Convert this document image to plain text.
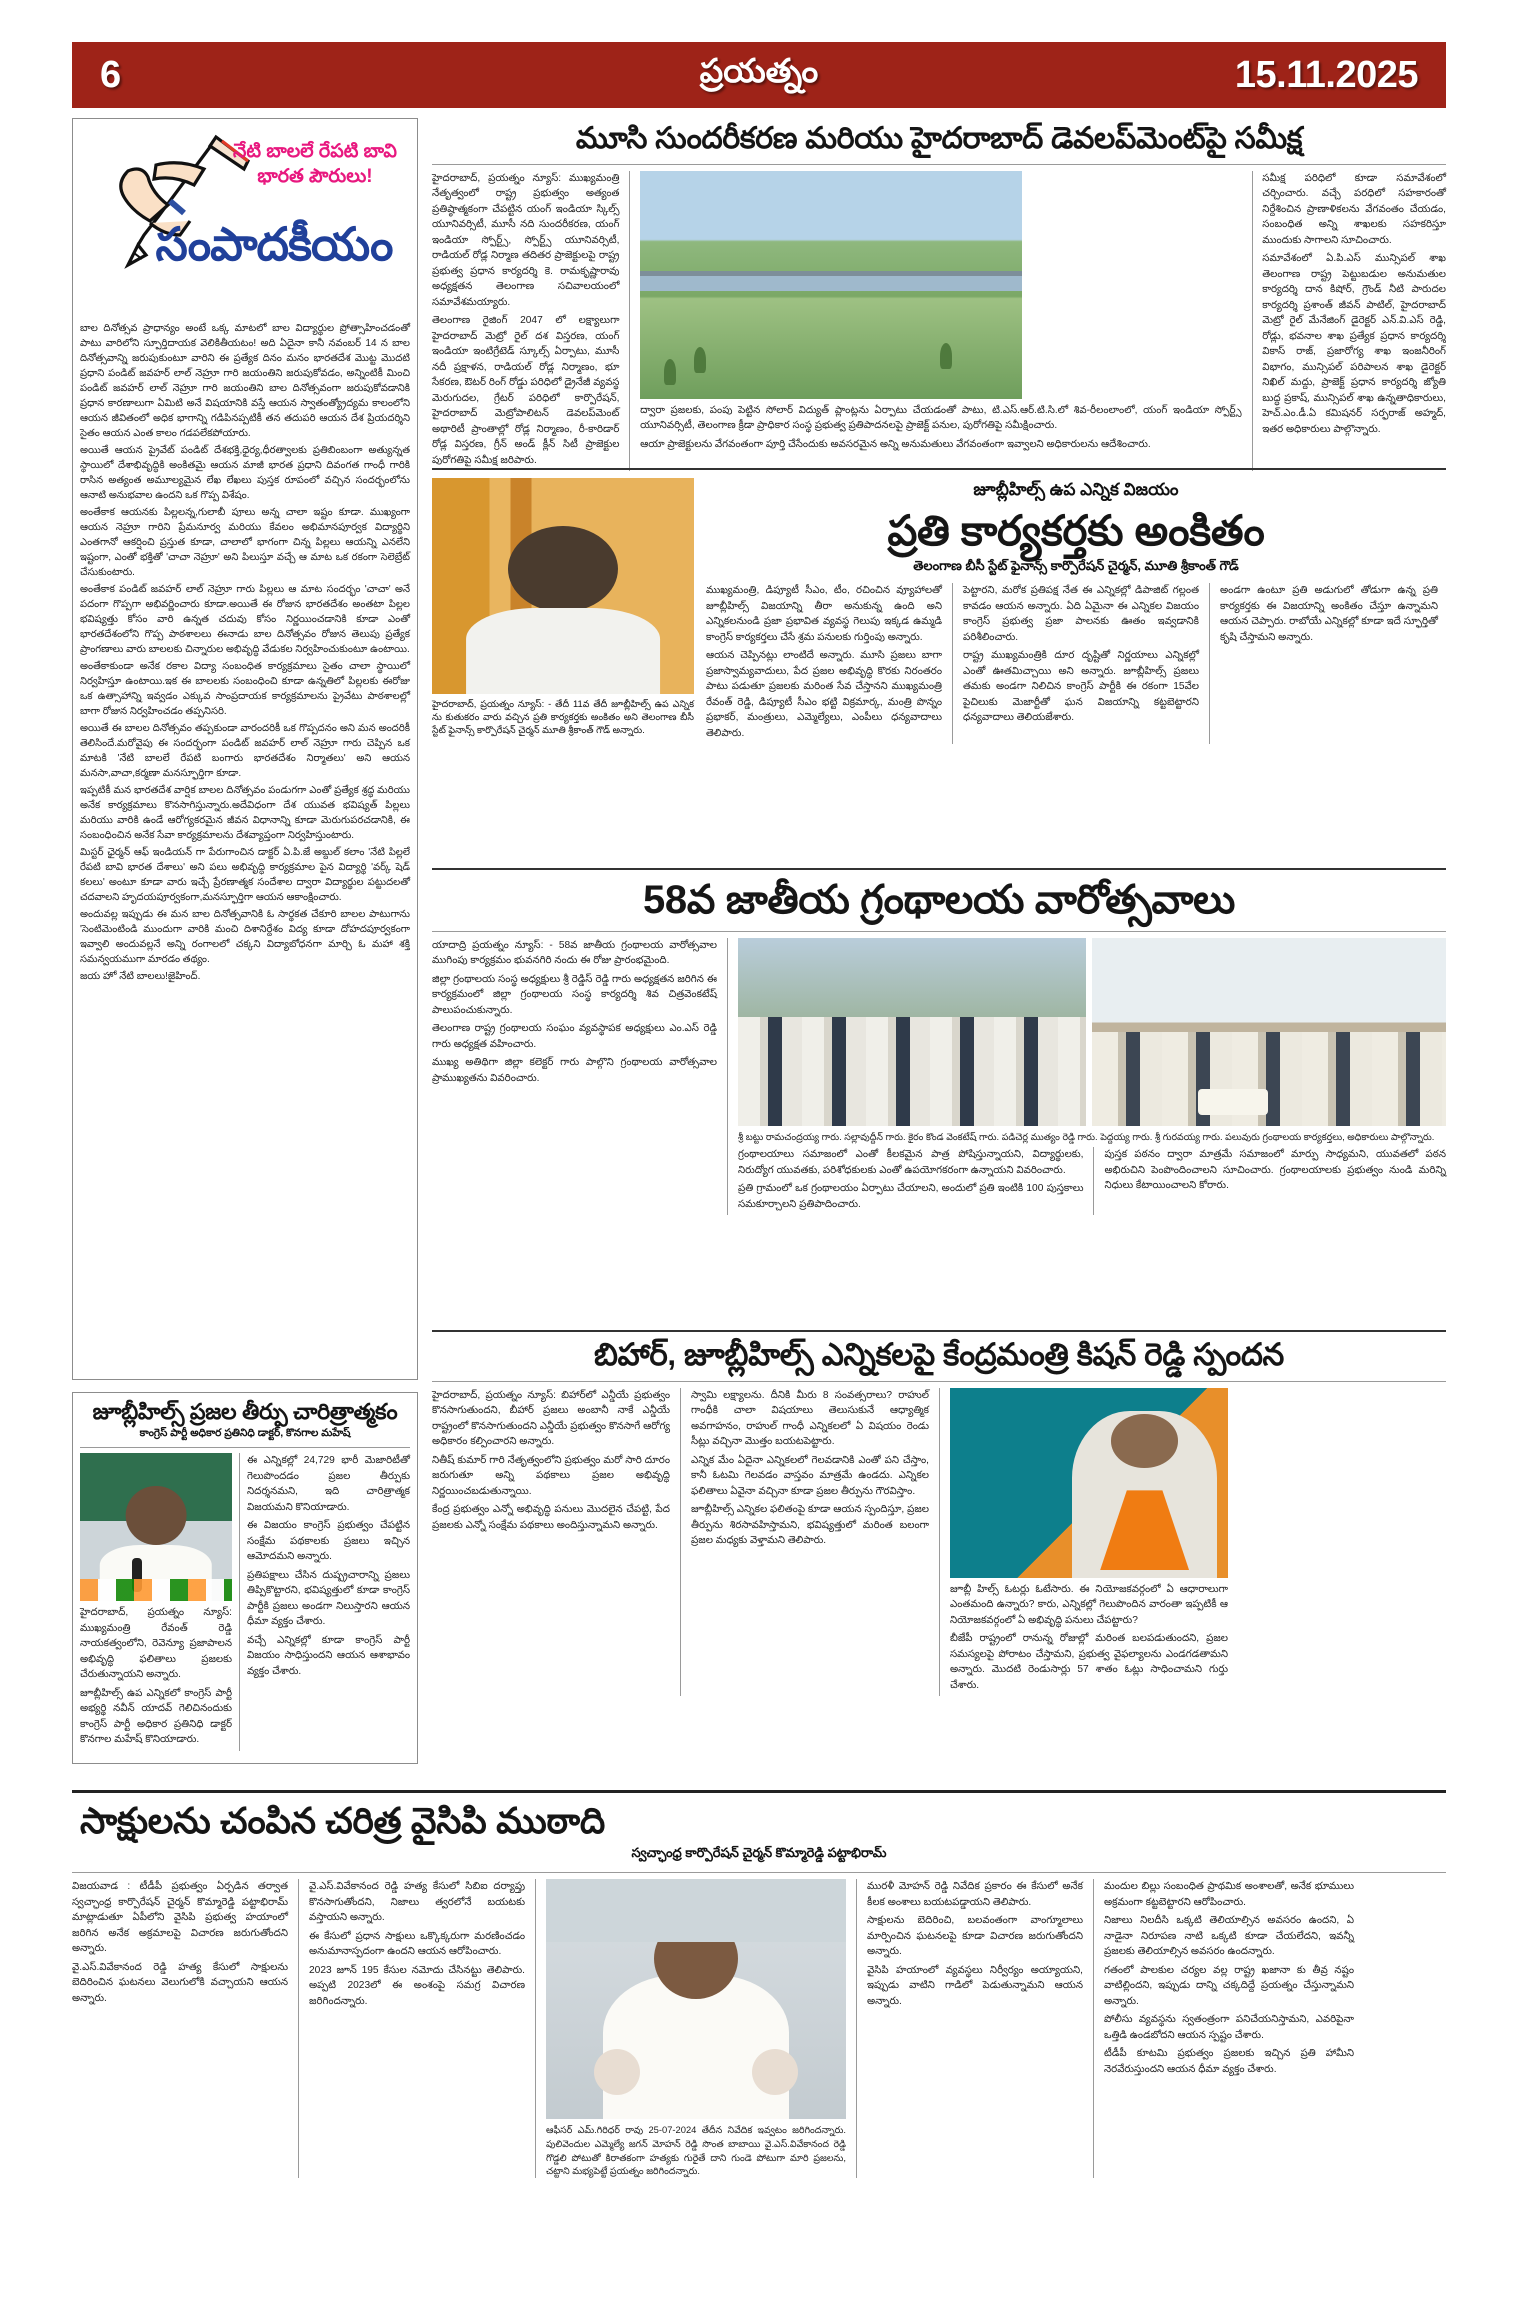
6	ప్రయత్నం	15.11.2025
నేటి బాలలే రేపటి బావి భారత పౌరులు!
సంపాదకీయం

బాల దినోత్సవ ప్రాధాన్యం అంటే ఒక్క మాటలో బాల విద్యార్థుల ప్రోత్సాహించడంతో పాటు వారిలోని స్పూర్తిదాయక వెలికితీయటం! అది ఏదైనా కానీ నవంబర్ 14 న బాల దినోత్సవాన్ని జరుపుకుంటూ వారిని ఈ ప్రత్యేక దినం మనం భారతదేశ మొట్ట మొదటి ప్రధాని పండిట్ జవహర్ లాల్ నెహ్రూ గారి జయంతిని జరుపుకోవడం, అన్నింటికీ మించి పండిట్ జవహర్ లాల్ నెహ్రూ గారి జయంతిని బాల దినోత్సవంగా జరుపుకోవడానికి ప్రధాన కారణాలుగా ఏమిటి అనే విషయానికి వస్తే ఆయన స్వాతంత్య్రోద్యమ కాలంలోని ఆయన జీవితంలో అధిక భాగాన్ని గడిపినప్పటికీ తన తదుపరి ఆయన దేశ ప్రియదర్శిని సైతం ఆయన ఎంత కాలం గడపలేకపోయారు.

అయితే ఆయన ప్రైవేట్ పండిట్ దేశభక్తి,ధైర్య,ధీరత్వాలకు ప్రతిబింబంగా అత్యున్నత స్థాయిలో దేశాభివృద్ధికి అంకితమై ఆయన మాజీ భారత ప్రధాని దివంగత గాంధీ గారికి రాసిన అత్యంత అమూల్యమైన లేఖ లేఖలు పుస్తక రూపంలో వచ్చిన సందర్భంలోను ఆనాటి అనుభవాల ఉందని ఒక గొప్ప విశేషం.

అంతేకాక ఆయనకు పిల్లలన్న,గులాబీ పూలు అన్న చాలా ఇష్టం కూడా. ముఖ్యంగా ఆయన నెహ్రూ గారిని ప్రేమనూర్వ మరియు కేవలం అభిమానపూర్వక విద్యార్థిని ఎంతగానో ఆకర్షించి ప్రస్తుత కూడా, చాలాలో భాగంగా చిన్న పిల్లలు ఆయన్ని ఎనలేని ఇష్టంగా, ఎంతో భక్తితో 'చాచా నెహ్రూ' అని పిలుస్తూ వచ్చే ఆ మాట ఒక రకంగా సెలెబ్రేట్ చేసుకుంటారు.

అంతేకాక పండిట్ జవహర్ లాల్ నెహ్రూ గారు పిల్లలు ఆ మాట సందర్భం 'చాచా' అనే పదంగా గొప్పగా అభివర్ణించారు కూడా.అయితే ఈ రోజున భారతదేశం అంతటా పిల్లల భవిష్యత్తు కోసం వారి ఉన్నత చదువు కోసం నిర్ణయించడానికి కూడా ఎంతో భారతదేశంలోని గొప్ప పాఠశాలలు ఈనాడు బాల దినోత్సవం రోజున తెలుపు ప్రత్యేక ప్రాంగణాలు వారు బాలలకు చిన్నారుల అభివృద్ధి వేడుకల నిర్వహించుకుంటూ ఉంటాయి.

అంతేకాకుండా అనేక రకాల విద్యా సంబంధిత కార్యక్రమాలు సైతం చాలా స్థాయిలో నిర్వహిస్తూ ఉంటాయి.ఇక ఈ బాలలకు సంబంధించి కూడా ఉన్నతిలో పిల్లలకు ఈరోజు ఒక ఉత్సాహాన్ని ఇవ్వడం ఎక్కువ సాంప్రదాయక కార్యక్రమాలను ప్రైవేటు పాఠశాలల్లో బాగా రోజున నిర్వహించడం తప్పనిసరి.

అయితే ఈ బాలల దినోత్సవం తప్పకుండా వారందరికీ ఒక గొప్పదనం అని మన అందరికీ తెలిసిందే.మరోవైపు ఈ సందర్భంగా పండిట్ జవహర్ లాల్ నెహ్రూ గారు చెప్పిన ఒక మాటకి 'నేటి బాలలే రేపటి బంగారు భారతదేశం నిర్మాతలు' అని ఆయన మనసా,వాచా,కర్మణా మనస్ఫూర్తిగా కూడా.

ఇప్పటికీ మన భారతదేశ వార్షిక బాలల దినోత్సవం పండుగగా ఎంతో ప్రత్యేక శ్రద్ధ మరియు అనేక కార్యక్రమాలు కొనసాగిస్తున్నారు.అదేవిధంగా దేశ యువత భవిష్యత్ పిల్లలు మరియు వారికి ఉండే ఆరోగ్యకరమైన జీవన విధానాన్ని కూడా మెరుగుపరచడానికి, ఈ సంబంధించిన అనేక సేవా కార్యక్రమాలను దేశవ్యాప్తంగా నిర్వహిస్తుంటారు.

మిస్టర్ ఛైర్మన్ ఆఫ్ ఇండియన్ గా పేరుగాంచిన డాక్టర్ ఏ.పి.జే అబ్దుల్ కలాం 'నేటి పిల్లలే రేపటి బావి భారత దేశాలు' అని పలు అభివృద్ధి కార్యక్రమాల పైన విద్యార్థి 'వర్క్ షెడ్ కలలు' అంటూ కూడా వారు ఇచ్చే ప్రేరణాత్మక సందేశాల ద్వారా విద్యార్థుల పట్టుదలతో చదవాలని హృదయపూర్వకంగా,మనస్ఫూర్తిగా ఆయన ఆకాంక్షించారు.

అందువల్ల ఇప్పుడు ఈ మన బాల దినోత్సవానికి ఓ సార్థకత చేకూరి బాలల పాటుగాను 'సెంటిమెంటిండి ముందుగా వారికి మంచి దిశానిర్దేశం విద్య కూడా దోహదపూర్వకంగా ఇవ్వాలి అందువల్లనే అన్ని రంగాలలో చక్కని విద్యాబోధనగా మార్చి ఓ మహా శక్తి సమన్వయముగా మారడం తథ్యం.

జయ హో నేటి బాలలు!జైహింద్.

మూసి సుందరీకరణ మరియు హైదరాబాద్ డెవలప్‌మెంట్‌పై సమీక్ష

హైదరాబాద్, ప్రయత్నం న్యూస్: ముఖ్యమంత్రి నేతృత్వంలో రాష్ట్ర ప్రభుత్వం అత్యంత ప్రతిష్ఠాత్మకంగా చేపట్టిన యంగ్ ఇండియా స్కిల్స్ యూనివర్సిటీ, మూసీ నది సుందరీకరణ, యంగ్ ఇండియా స్పోర్ట్స్, స్పోర్ట్స్ యూనివర్సిటీ, రాడియల్ రోడ్ల నిర్మాణ తదితర ప్రాజెక్టులపై రాష్ట్ర ప్రభుత్వ ప్రధాన కార్యదర్శి కె. రామకృష్ణారావు అధ్యక్షతన తెలంగాణ సచివాలయంలో సమావేశమయ్యారు.

తెలంగాణ రైజింగ్ 2047 లో లక్ష్యాలుగా హైదరాబాద్ మెట్రో రైల్ దశ విస్తరణ, యంగ్ ఇండియా ఇంటిగ్రేటెడ్ స్కూల్స్ ఏర్పాటు, మూసీ నదీ ప్రక్షాళన, రాడియల్ రోడ్ల నిర్మాణం, భూ సేకరణ, ఔటర్ రింగ్ రోడ్డు పరిధిలో డ్రైనేజీ వ్యవస్థ మెరుగుదల, గ్రేటర్ పరిధిలో కార్పొరేషన్, హైదరాబాద్ మెట్రోపాలిటన్ డెవలప్‌మెంట్ అథారిటీ ప్రాంతాల్లో రోడ్ల నిర్మాణం, రీ-కారిడార్ రోడ్ల విస్తరణ, గ్రీన్ అండ్ క్లీన్ సిటీ ప్రాజెక్టుల పురోగతిపై సమీక్ష జరిపారు.

ద్వారా ప్రజలకు, పంపు పెట్టిన సోలార్ విద్యుత్ ప్లాంట్లను ఏర్పాటు చేయడంతో పాటు, టి.ఎస్.ఆర్.టి.సి.లో శివ-రీలంలాంలో, యంగ్ ఇండియా స్పోర్ట్స్ యూనివర్సిటీ, తెలంగాణ క్రీడా ప్రాధికార సంస్థ ప్రభుత్వ ప్రతిపాదనలపై ప్రాజెక్ట్ పనుల, పురోగతిపై సమీక్షించారు.

ఆయా ప్రాజెక్టులను వేగవంతంగా పూర్తి చేసేందుకు అవసరమైన అన్ని అనుమతులు వేగవంతంగా ఇవ్వాలని అధికారులను ఆదేశించారు.

సమీక్ష పరిధిలో కూడా సమావేశంలో చర్చించారు. వచ్చే పరధిలో సహకారంతో నిర్దేశించిన ప్రాణాళికలను వేగవంతం చేయడం, సంబంధిత అన్ని శాఖలకు సహకరిస్తూ ముందుకు సాగాలని సూచించారు.

సమావేశంలో ఏ.పి.ఎస్ మున్సిపల్ శాఖ తెలంగాణ రాష్ట్ర పెట్టుబడుల అనుమతుల కార్యదర్శి దాన కిషోర్, గ్రౌండ్ నీటి పారుదల కార్యదర్శి ప్రశాంత్ జీవన్ పాటిల్, హైదరాబాద్ మెట్రో రైల్ మేనేజింగ్ డైరెక్టర్ ఎన్.వి.ఎస్ రెడ్డి, రోడ్లు, భవనాల శాఖ ప్రత్యేక ప్రధాన కార్యదర్శి వికాస్ రాజ్, ప్రజారోగ్య శాఖ ఇంజనీరింగ్ విభాగం, మున్సిపల్ పరిపాలన శాఖ డైరెక్టర్ నిఖిల్ మద్దు, ప్రాజెక్ట్ ప్రధాన కార్యదర్శి జ్యోతి బుద్ధ ప్రకాష్, మున్సిపల్ శాఖ ఉన్నతాధికారులు, హెచ్.ఎం.డీ.ఏ కమిషనర్ సర్ఫరాజ్ అహ్మద్, ఇతర అధికారులు పాల్గొన్నారు.

హైదరాబాద్, ప్రయత్నం న్యూస్: - తేదీ 11వ తేదీ జూబ్లీహిల్స్ ఉప ఎన్నిక ను కుతుకరం వారు వచ్చిన ప్రతి కార్యకర్తకు అంకితం అని తెలంగాణ బీసీ స్టేట్ ఫైనాన్స్ కార్పొరేషన్ చైర్మన్ మూతి శ్రీకాంత్ గౌడ్ అన్నారు.
జూబ్లీహిల్స్ ఉప ఎన్నిక విజయం
ప్రతి కార్యకర్తకు అంకితం
తెలంగాణ బీసీ స్టేట్ ఫైనాన్స్ కార్పొరేషన్ చైర్మన్, మూతి శ్రీకాంత్ గౌడ్

ముఖ్యమంత్రి, డిప్యూటీ సీఎం, టీం, రచించిన వ్యూహాలతో జూబ్లీహిల్స్ విజయాన్ని తీరా అనుకున్న ఉంది అని ఎన్నికలనుండి ప్రజా ప్రభావిత వ్యవస్థ గెలుపు ఇక్కడ ఉమ్మడి కాంగ్రెస్ కార్యకర్తలు చేసే శ్రమ పనులకు గుర్తింపు అన్నారు.

ఆయన చెప్పినట్లు లాంటిదే అన్నారు. మూసి ప్రజలు బాగా ప్రజాస్వామ్యవాదులు, పేద ప్రజల అభివృద్ధి కొరకు నిరంతరం పాటు పడుతూ ప్రజలకు మరింత సేవ చేస్తానని ముఖ్యమంత్రి రేవంత్ రెడ్డి, డిప్యూటీ సీఎం భట్టి విక్రమార్క, మంత్రి పొన్నం ప్రభాకర్, మంత్రులు, ఎమ్మెల్యేలు, ఎంపీలు ధన్యవాదాలు తెలిపారు.

పెట్టారని, మరోక ప్రతిపక్ష నేత ఈ ఎన్నికల్లో డిపాజిట్ గల్లంత కావడం ఆయన అన్నారు. ఏది ఏమైనా ఈ ఎన్నికల విజయం కాంగ్రెస్ ప్రభుత్వ ప్రజా పాలనకు ఊతం ఇవ్వడానికి పరిశీలించారు.

రాష్ట్ర ముఖ్యమంత్రికి దూర దృష్టితో నిర్ణయాలు ఎన్నికల్లో ఎంతో ఊతమిచ్చాయి అని అన్నారు. జూబ్లీహిల్స్ ప్రజలు తమకు అండగా నిలిచిన కాంగ్రెస్ పార్టీకి ఈ రకంగా 15వేల పైచిలుకు మెజార్టీతో ఘన విజయాన్ని కట్టబెట్టారని ధన్యవాదాలు తెలియజేశారు.

అండగా ఉంటూ ప్రతి అడుగులో తోడుగా ఉన్న ప్రతి కార్యకర్తకు ఈ విజయాన్ని అంకితం చేస్తూ ఉన్నామని ఆయన చెప్పారు. రాబోయే ఎన్నికల్లో కూడా ఇదే స్ఫూర్తితో కృషి చేస్తామని అన్నారు.

58వ జాతీయ గ్రంథాలయ వారోత్సవాలు

యాదాద్రి ప్రయత్నం న్యూస్: - 58వ జాతీయ గ్రంథాలయ వారోత్సవాల ముగింపు కార్యక్రమం భువనగిరి నందు ఈ రోజు ప్రారంభమైంది.

జిల్లా గ్రంథాలయ సంస్థ అధ్యక్షులు శ్రీ రెడ్డిస్ రెడ్డి గారు అధ్యక్షతన జరిగిన ఈ కార్యక్రమంలో జిల్లా గ్రంథాలయ సంస్థ కార్యదర్శి శివ చిత్రవెంకటేష్ పాలుపంచుకున్నారు.

తెలంగాణ రాష్ట్ర గ్రంథాలయ సంఘం వ్యవస్థాపక అధ్యక్షులు ఎం.ఎస్ రెడ్డి గారు అధ్యక్షత వహించారు.

ముఖ్య అతిథిగా జిల్లా కలెక్టర్ గారు పాల్గొని గ్రంథాలయ వారోత్సవాల ప్రాముఖ్యతను వివరించారు.

శ్రీ బట్టు రామచంద్రయ్య గారు. సల్లావుద్దీన్ గారు. కైరం కొండ వెంకటేష్ గారు. పడిచెర్ల ముత్యం రెడ్డి గారు. పెద్దయ్య గారు. శ్రీ గురవయ్య గారు. పలువురు గ్రంథాలయ కార్యకర్తలు, అధికారులు పాల్గొన్నారు.

గ్రంథాలయాలు సమాజంలో ఎంతో కీలకమైన పాత్ర పోషిస్తున్నాయని, విద్యార్థులకు, నిరుద్యోగ యువతకు, పరిశోధకులకు ఎంతో ఉపయోగకరంగా ఉన్నాయని వివరించారు.

ప్రతి గ్రామంలో ఒక గ్రంథాలయం ఏర్పాటు చేయాలని, అందులో ప్రతి ఇంటికి 100 పుస్తకాలు సమకూర్చాలని ప్రతిపాదించారు.

పుస్తక పఠనం ద్వారా మాత్రమే సమాజంలో మార్పు సాధ్యమని, యువతలో పఠన అభిరుచిని పెంపొందించాలని సూచించారు. గ్రంథాలయాలకు ప్రభుత్వం నుండి మరిన్ని నిధులు కేటాయించాలని కోరారు.

బిహార్, జూబ్లీహిల్స్ ఎన్నికలపై కేంద్రమంత్రి కిషన్ రెడ్డి స్పందన

హైదరాబాద్, ప్రయత్నం న్యూస్: బిహార్‌లో ఎన్డీయే ప్రభుత్వం కొనసాగుతుందని, బీహార్ ప్రజలు అంబానీ నాకే ఎన్డీయే రాష్ట్రంలో కొనసాగుతుందని ఎన్డీయే ప్రభుత్వం కొనసాగే ఆరోగ్య అధికారం కల్పించారని అన్నారు.

నితీష్ కుమార్ గారి నేతృత్వంలోని ప్రభుత్వం మరో సారి దూరం జరుగుతూ అన్ని పథకాలు ప్రజల అభివృద్ధి నిర్ణయించబడుతున్నాయి.

కేంద్ర ప్రభుత్వం ఎన్నో అభివృద్ధి పనులు మొదలైన చేపట్టి, పేద ప్రజలకు ఎన్నో సంక్షేమ పథకాలు అందిస్తున్నామని అన్నారు.

స్వామి లక్ష్యాలను. దీనికి మీరు 8 సంవత్సరాలు? రాహుల్ గాంధీకి చాలా విషయాలు తెలుసుకునే ఆధ్యాత్మిక అవగాహనం, రాహుల్ గాంధీ ఎన్నికలలో ఏ విషయం రెండు సీట్లు వచ్చినా మొత్తం బయటపెట్టారు.

ఎన్నిక మేం ఏదైనా ఎన్నికలలో గెలవడానికి ఎంతో పని చేస్తాం, కానీ ఓటమి గెలవడం వాస్తవం మాత్రమే ఉండదు. ఎన్నికల ఫలితాలు ఏవైనా వచ్చినా కూడా ప్రజల తీర్పును గౌరవిస్తాం.

జూబ్లీహిల్స్ ఎన్నికల ఫలితంపై కూడా ఆయన స్పందిస్తూ, ప్రజల తీర్పును శిరసావహిస్తామని, భవిష్యత్తులో మరింత బలంగా ప్రజల మధ్యకు వెళ్తామని తెలిపారు.

జూబ్లీ హిల్స్ ఓటర్లు ఓటేసారు. ఈ నియోజకవర్గంలో ఏ ఆధారాలుగా ఎంతమంది ఉన్నారు? కారు, ఎన్నికల్లో గెలుపొందిన వారంతా ఇప్పటికీ ఆ నియోజకవర్గంలో ఏ అభివృద్ధి పనులు చేపట్టారు?

బీజేపీ రాష్ట్రంలో రానున్న రోజుల్లో మరింత బలపడుతుందని, ప్రజల సమస్యలపై పోరాటం చేస్తామని, ప్రభుత్వ వైఫల్యాలను ఎండగడతామని అన్నారు. మొదటి రెండుసార్లు 57 శాతం ఓట్లు సాధించామని గుర్తు చేశారు.

జూబ్లీహిల్స్ ప్రజల తీర్పు చారిత్రాత్మకం
కాంగ్రెస్ పార్టీ అధికార ప్రతినిధి డాక్టర్, కొనగాల మహేష్

హైదరాబాద్, ప్రయత్నం న్యూస్: ముఖ్యమంత్రి రేవంత్ రెడ్డి నాయకత్వంలోని, రెవెన్యూ ప్రజాపాలన అభివృద్ధి ఫలితాలు ప్రజలకు చేరుతున్నాయని అన్నారు.

జూబ్లీహిల్స్ ఉప ఎన్నికలో కాంగ్రెస్ పార్టీ అభ్యర్థి నవీన్ యాదవ్ గెలిచినందుకు కాంగ్రెస్ పార్టీ అధికార ప్రతినిధి డాక్టర్ కొనగాల మహేష్ కొనియాడారు.

ఈ ఎన్నికల్లో 24,729 భారీ మెజారిటీతో గెలుపొందడం ప్రజల తీర్పుకు నిదర్శనమని, ఇది చారిత్రాత్మక విజయమని కొనియాడారు.

ఈ విజయం కాంగ్రెస్ ప్రభుత్వం చేపట్టిన సంక్షేమ పథకాలకు ప్రజలు ఇచ్చిన ఆమోదమని అన్నారు.

ప్రతిపక్షాలు చేసిన దుష్ప్రచారాన్ని ప్రజలు తిప్పికొట్టారని, భవిష్యత్తులో కూడా కాంగ్రెస్ పార్టీకి ప్రజలు అండగా నిలుస్తారని ఆయన ధీమా వ్యక్తం చేశారు.

వచ్చే ఎన్నికల్లో కూడా కాంగ్రెస్ పార్టీ విజయం సాధిస్తుందని ఆయన ఆశాభావం వ్యక్తం చేశారు.

సాక్షులను చంపిన చరిత్ర వైసిపి ముఠాది
స్వచ్ఛాంధ్ర కార్పొరేషన్ చైర్మన్ కొమ్మారెడ్డి పట్టాభిరామ్

విజయవాడ : టీడీపీ ప్రభుత్వం ఏర్పడిన తర్వాత స్వచ్ఛాంధ్ర కార్పొరేషన్ చైర్మన్ కొమ్మారెడ్డి పట్టాభిరామ్ మాట్లాడుతూ ఏపీలోని వైసిపి ప్రభుత్వ హయాంలో జరిగిన అనేక అక్రమాలపై విచారణ జరుగుతోందని అన్నారు.

వై.ఎస్.వివేకానంద రెడ్డి హత్య కేసులో సాక్షులను బెదిరించిన ఘటనలు వెలుగులోకి వచ్చాయని ఆయన అన్నారు.

వై.ఎస్.వివేకానంద రెడ్డి హత్య కేసులో సిబిఐ దర్యాప్తు కొనసాగుతోందని, నిజాలు త్వరలోనే బయటకు వస్తాయని అన్నారు.

ఈ కేసులో ప్రధాన సాక్షులు ఒక్కొక్కరుగా మరణించడం అనుమానాస్పదంగా ఉందని ఆయన ఆరోపించారు.

2023 జూన్ 195 కేసుల నమోదు చేసినట్టు తెలిపారు. అప్పటి 2023లో ఈ అంశంపై సమగ్ర విచారణ జరిగిందన్నారు.

ఆఫీసర్ ఎమ్.గిరిధర్ రావు 25-07-2024 తేదీన నివేదిక ఇవ్వటం జరిగిందన్నారు. పులివెందుల ఎమ్మెల్యే జగన్ మోహన్ రెడ్డి సొంత బాబాయి వై.ఎస్.వివేకానంద రెడ్డి గొడ్డలి పోటుతో కిరాతకంగా హత్యకు గురైతే దాని గుండె పోటుగా మారి ప్రజలను, చట్టాని మభ్యపెట్టే ప్రయత్నం జరిగిందన్నారు.

మురళీ మోహన్ రెడ్డి నివేదిక ప్రకారం ఈ కేసులో అనేక కీలక అంశాలు బయటపడ్డాయని తెలిపారు.

సాక్షులను బెదిరించి, బలవంతంగా వాంగ్మూలాలు మార్పించిన ఘటనలపై కూడా విచారణ జరుగుతోందని అన్నారు.

వైసిపి హయాంలో వ్యవస్థలు నిర్వీర్యం అయ్యాయని, ఇప్పుడు వాటిని గాడిలో పెడుతున్నామని ఆయన అన్నారు.

మందుల బిల్లు సంబంధిత ప్రాథమిక అంశాలతో, అనేక భూములు అక్రమంగా కట్టబెట్టారని ఆరోపించారు.

నిజాలు నిలదీసి ఒక్కటి తెలియాల్సిన అవసరం ఉందని, ఏ నాడైనా నిరూపణ నాటి ఒక్కటి కూడా చేయలేదని, ఇవన్నీ ప్రజలకు తెలియాల్సిన అవసరం ఉందన్నారు.

గతంలో పాలకుల చర్యల వల్ల రాష్ట్ర ఖజానా కు తీవ్ర నష్టం వాటిల్లిందని, ఇప్పుడు దాన్ని చక్కదిద్దే ప్రయత్నం చేస్తున్నామని అన్నారు.

పోలీసు వ్యవస్థను స్వతంత్రంగా పనిచేయనిస్తామని, ఎవరిపైనా ఒత్తిడి ఉండబోదని ఆయన స్పష్టం చేశారు.

టీడీపీ కూటమి ప్రభుత్వం ప్రజలకు ఇచ్చిన ప్రతి హామీని నెరవేరుస్తుందని ఆయన ధీమా వ్యక్తం చేశారు.
